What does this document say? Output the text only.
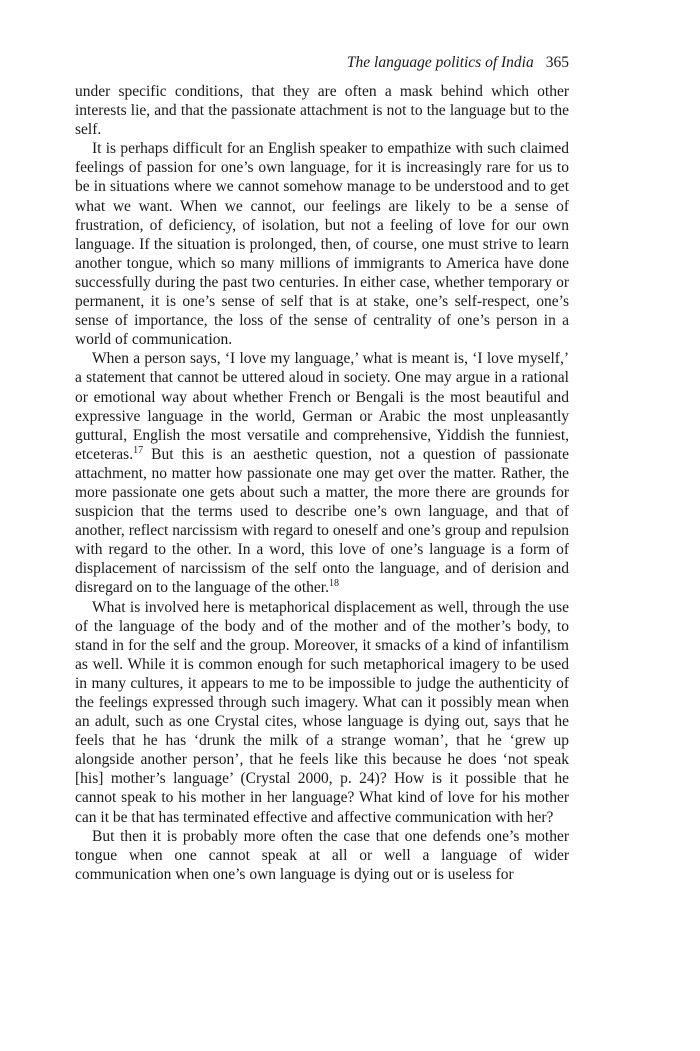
The language politics of India 365

under specific conditions, that they are often a mask behind which other interests lie, and that the passionate attachment is not to the language but to the self.

It is perhaps difficult for an English speaker to empathize with such claimed feelings of passion for one’s own language, for it is increasingly rare for us to be in situations where we cannot somehow manage to be understood and to get what we want. When we cannot, our feelings are likely to be a sense of frustration, of deficiency, of isolation, but not a feeling of love for our own language. If the situation is prolonged, then, of course, one must strive to learn another tongue, which so many millions of immigrants to America have done successfully during the past two centuries. In either case, whether temporary or permanent, it is one’s sense of self that is at stake, one’s self-respect, one’s sense of importance, the loss of the sense of centrality of one’s person in a world of communication.

When a person says, ‘I love my language,’ what is meant is, ‘I love myself,’ a statement that cannot be uttered aloud in society. One may argue in a rational or emotional way about whether French or Bengali is the most beautiful and expressive language in the world, German or Arabic the most unpleasantly guttural, English the most versatile and comprehensive, Yiddish the funniest, etceteras.$^{17}$ But this is an aesthetic question, not a question of passionate attachment, no matter how passionate one may get over the matter. Rather, the more passionate one gets about such a matter, the more there are grounds for suspicion that the terms used to describe one’s own language, and that of another, reflect narcissism with regard to oneself and one’s group and repulsion with regard to the other. In a word, this love of one’s language is a form of displacement of narcissism of the self onto the language, and of derision and disregard on to the language of the other.$^{18}$

What is involved here is metaphorical displacement as well, through the use of the language of the body and of the mother and of the mother’s body, to stand in for the self and the group. Moreover, it smacks of a kind of infantilism as well. While it is common enough for such metaphorical imagery to be used in many cultures, it appears to me to be impossible to judge the authenticity of the feelings expressed through such imagery. What can it possibly mean when an adult, such as one Crystal cites, whose language is dying out, says that he feels that he has ‘drunk the milk of a strange woman’, that he ‘grew up alongside another person’, that he feels like this because he does ‘not speak [his] mother’s language’ (Crystal 2000, p. 24)? How is it possible that he cannot speak to his mother in her language? What kind of love for his mother can it be that has terminated effective and affective communication with her?

But then it is probably more often the case that one defends one’s mother tongue when one cannot speak at all or well a language of wider communication when one’s own language is dying out or is useless for
